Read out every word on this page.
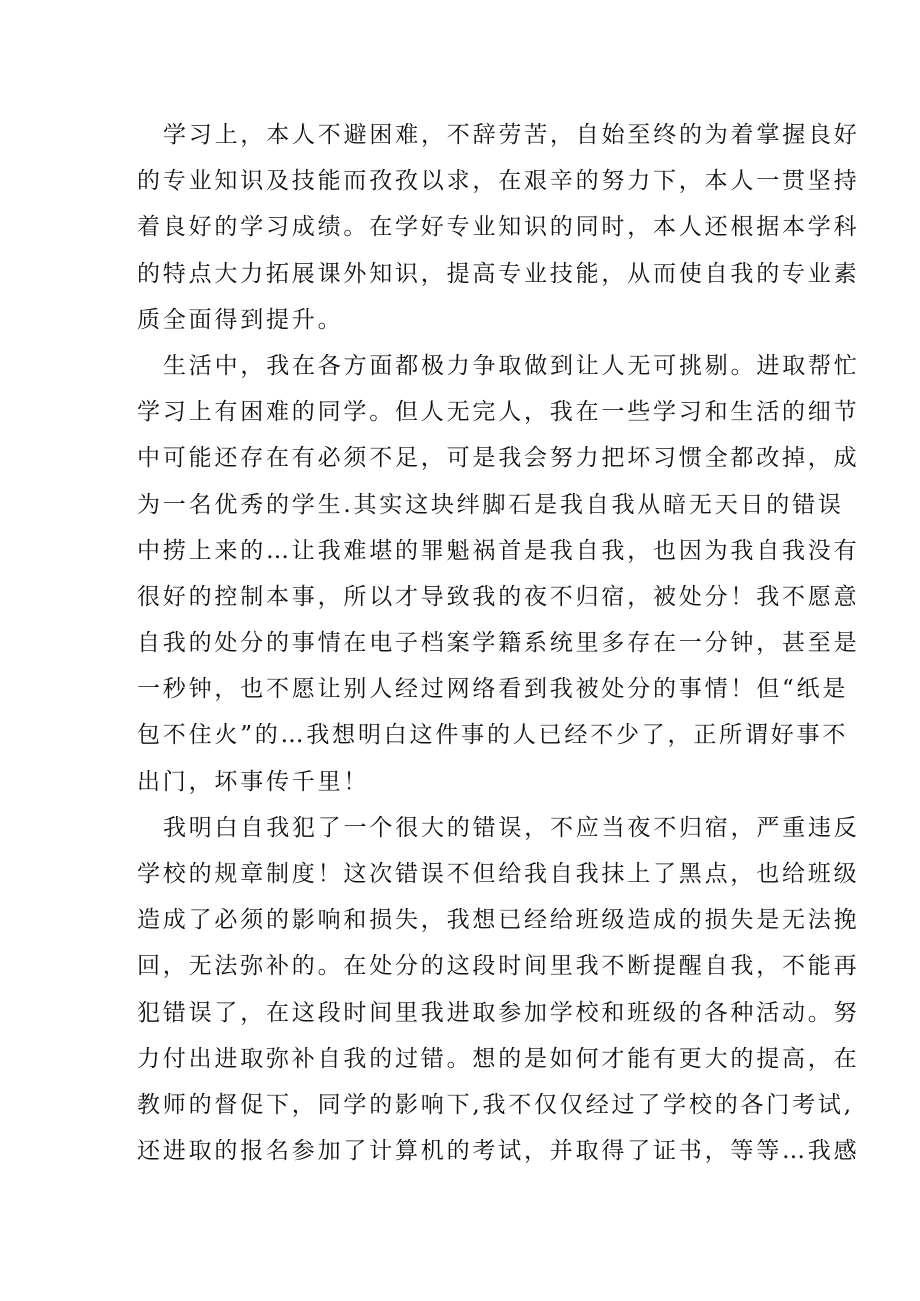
学习上，本人不避困难，不辞劳苦，自始至终的为着掌握良好
的专业知识及技能而孜孜以求，在艰辛的努力下，本人一贯坚持
着良好的学习成绩。在学好专业知识的同时，本人还根据本学科
的特点大力拓展课外知识，提高专业技能，从而使自我的专业素
质全面得到提升。
生活中，我在各方面都极力争取做到让人无可挑剔。进取帮忙
学习上有困难的同学。但人无完人，我在一些学习和生活的细节
中可能还存在有必须不足，可是我会努力把坏习惯全都改掉，成
为一名优秀的学生.其实这块绊脚石是我自我从暗无天日的错误
中捞上来的…让我难堪的罪魁祸首是我自我，也因为我自我没有
很好的控制本事，所以才导致我的夜不归宿，被处分！我不愿意
自我的处分的事情在电子档案学籍系统里多存在一分钟，甚至是
一秒钟，也不愿让别人经过网络看到我被处分的事情！但“纸是
包不住火”的…我想明白这件事的人已经不少了，正所谓好事不
出门，坏事传千里！
我明白自我犯了一个很大的错误，不应当夜不归宿，严重违反
学校的规章制度！这次错误不但给我自我抹上了黑点，也给班级
造成了必须的影响和损失，我想已经给班级造成的损失是无法挽
回，无法弥补的。在处分的这段时间里我不断提醒自我，不能再
犯错误了，在这段时间里我进取参加学校和班级的各种活动。努
力付出进取弥补自我的过错。想的是如何才能有更大的提高，在
教师的督促下，同学的影响下,我不仅仅经过了学校的各门考试,
还进取的报名参加了计算机的考试，并取得了证书，等等…我感
